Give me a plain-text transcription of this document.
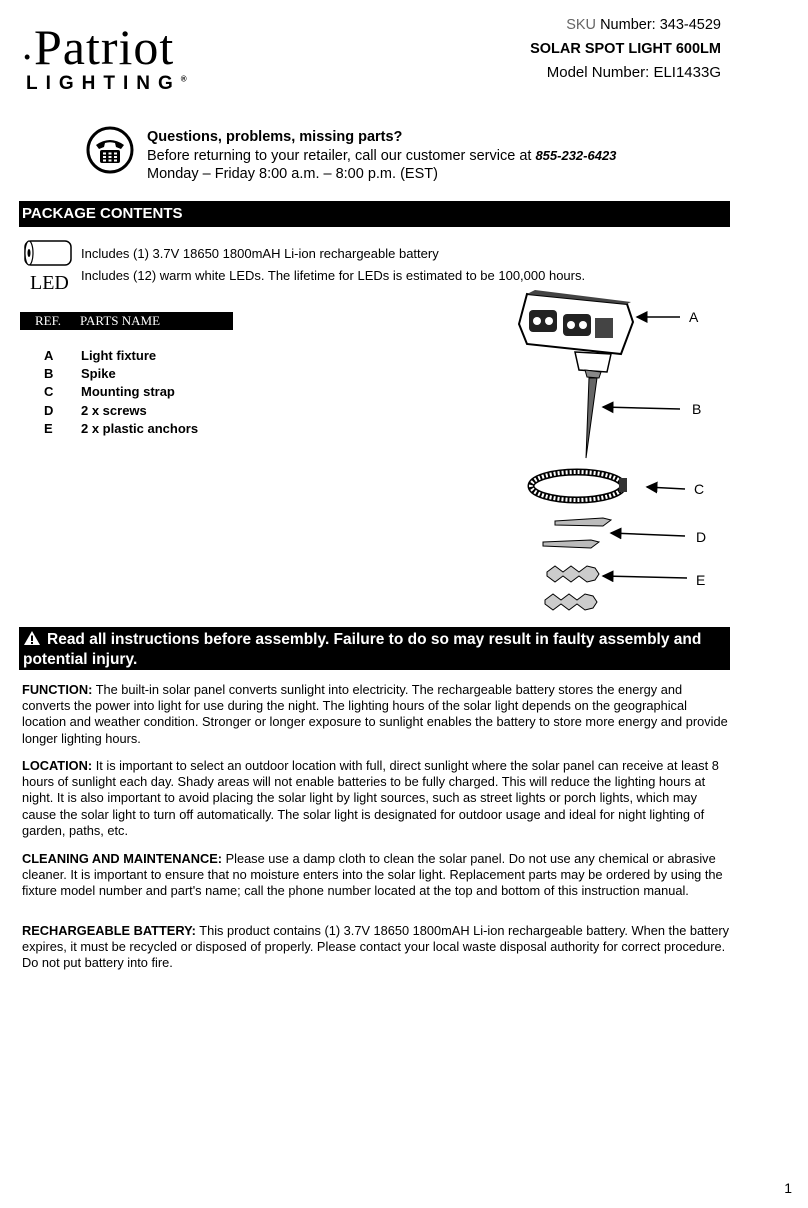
• Patriot
LIGHTING®
SKU Number: 343-4529
SOLAR SPOT LIGHT 600LM
Model Number: ELI1433G
Questions, problems, missing parts?
Before returning to your retailer, call our customer service at 855-232-6423
Monday – Friday 8:00 a.m. – 8:00 p.m. (EST)
PACKAGE CONTENTS
LED
Includes (1) 3.7V 18650 1800mAH Li-ion rechargeable battery
Includes (12) warm white LEDs. The lifetime for LEDs is estimated to be 100,000 hours.
REF. PARTS NAME
A Light fixture
B Spike
C Mounting strap
D 2 x screws
E 2 x plastic anchors
A
B
C
D
E
Read all instructions before assembly. Failure to do so may result in faulty assembly and potential injury.
FUNCTION: The built-in solar panel converts sunlight into electricity. The rechargeable battery stores the energy and converts the power into light for use during the night. The lighting hours of the solar light depends on the geographical location and weather condition. Stronger or longer exposure to sunlight enables the battery to store more energy and provide longer lighting hours.
LOCATION: It is important to select an outdoor location with full, direct sunlight where the solar panel can receive at least 8 hours of sunlight each day. Shady areas will not enable batteries to be fully charged. This will reduce the lighting hours at night. It is also important to avoid placing the solar light by light sources, such as street lights or porch lights, which may cause the solar light to turn off automatically. The solar light is designated for outdoor usage and ideal for night lighting of garden, paths, etc.
CLEANING AND MAINTENANCE: Please use a damp cloth to clean the solar panel. Do not use any chemical or abrasive cleaner. It is important to ensure that no moisture enters into the solar light. Replacement parts may be ordered by using the fixture model number and part's name; call the phone number located at the top and bottom of this instruction manual.
RECHARGEABLE BATTERY: This product contains (1) 3.7V 18650 1800mAH Li-ion rechargeable battery. When the battery expires, it must be recycled or disposed of properly. Please contact your local waste disposal authority for correct procedure. Do not put battery into fire.
1
